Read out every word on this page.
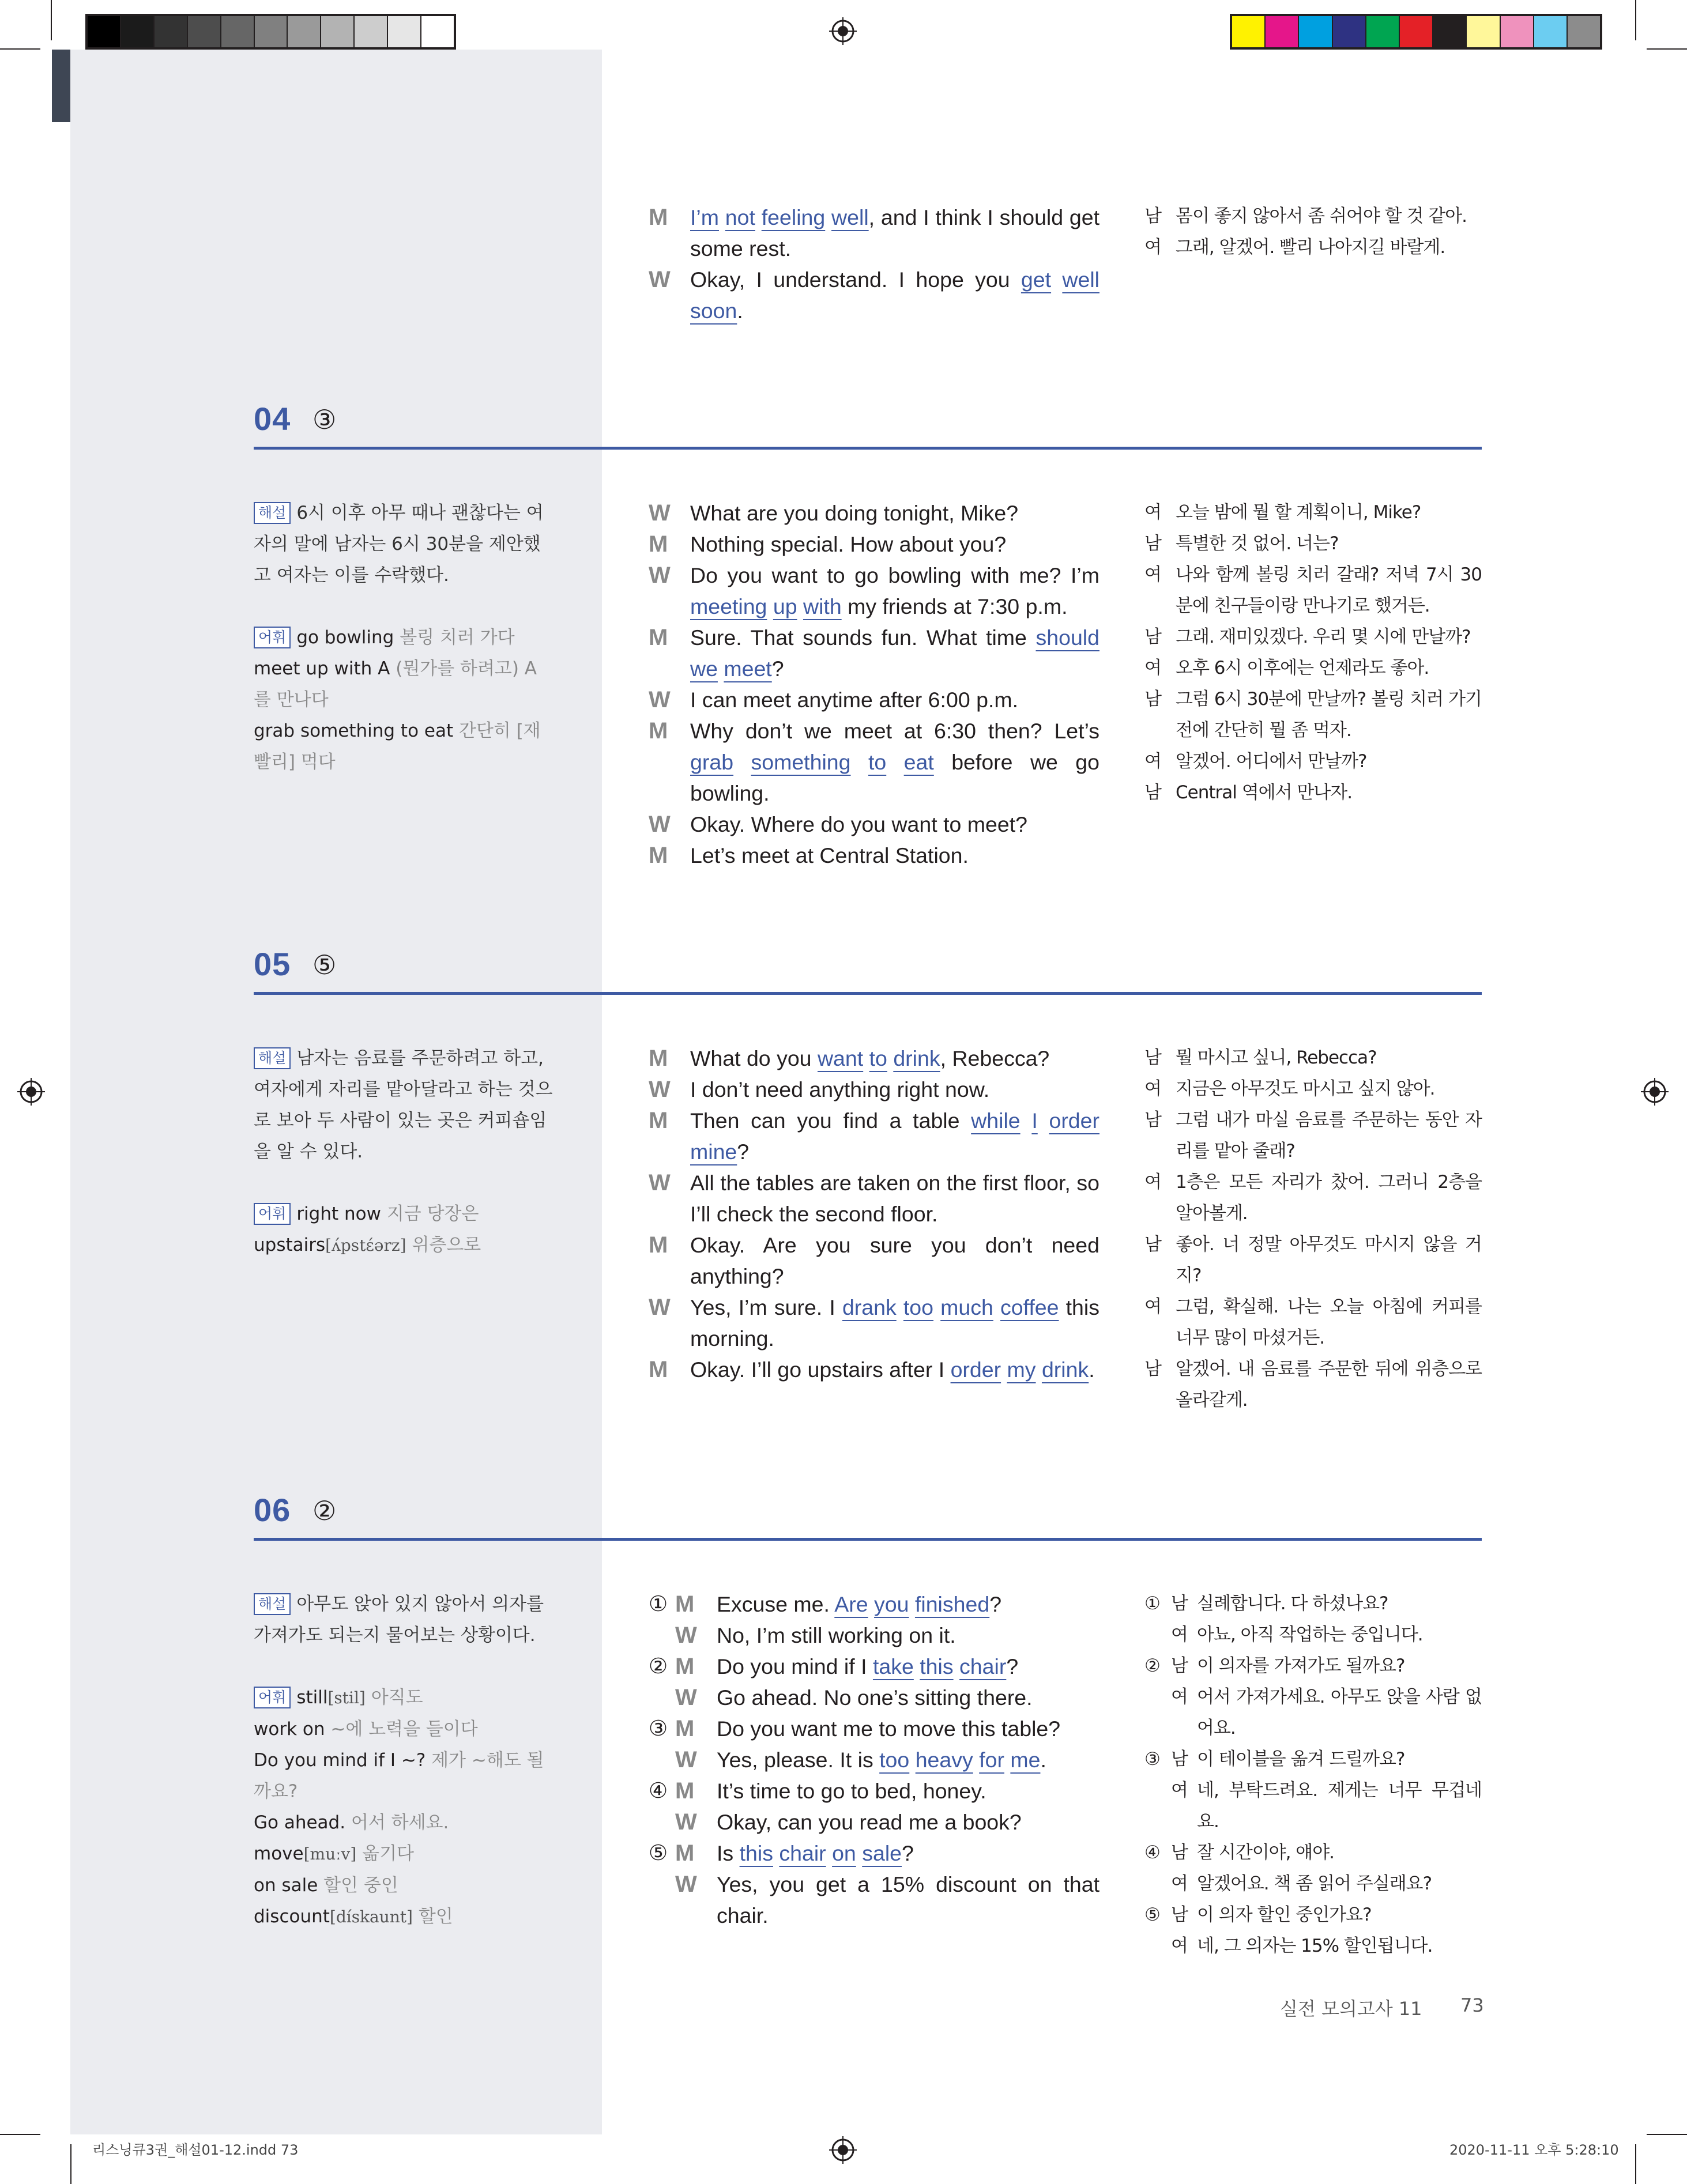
M	I’m not feeling well, and I think I should get some rest.
W Okay, I understand. I hope you get well soon.
남 몸이 좋지 않아서 좀 쉬어야 할 것 같아.
여 그래, 알겠어. 빨리 나아지길 바랄게.
04 ③
해설 6시 이후 아무 때나 괜찮다는 여자의 말에 남자는 6시 30분을 제안했고 여자는 이를 수락했다.
어휘 go bowling 볼링 치러 가다
meet up with A (뭔가를 하려고) A를 만나다
grab something to eat 간단히 [재빨리] 먹다
W What are you doing tonight, Mike?
M	Nothing special. How about you?
W Do you want to go bowling with me? I’m meeting up with my friends at 7:30 p.m.
M	Sure. That sounds fun. What time should we meet?
W I can meet anytime after 6:00 p.m.
M	Why don’t we meet at 6:30 then? Let’s grab something to eat before we go bowling.
W Okay. Where do you want to meet?
M	Let’s meet at Central Station.
여 오늘 밤에 뭘 할 계획이니, Mike?
남 특별한 것 없어. 너는?
여 나와 함께 볼링 치러 갈래? 저녁 7시 30분에 친구들이랑 만나기로 했거든.
남 그래. 재미있겠다. 우리 몇 시에 만날까?
여 오후 6시 이후에는 언제라도 좋아.
남 그럼 6시 30분에 만날까? 볼링 치러 가기 전에 간단히 뭘 좀 먹자.
여 알겠어. 어디에서 만날까?
남 Central 역에서 만나자.
05 ⑤
해설 남자는 음료를 주문하려고 하고, 여자에게 자리를 맡아달라고 하는 것으로 보아 두 사람이 있는 곳은 커피숍임을 알 수 있다.
어휘 right now 지금 당장은
upstairs[ʌ́pstɛ́ərz] 위층으로
M	What do you want to drink, Rebecca?
W I don’t need anything right now.
M	Then can you find a table while I order mine?
W All the tables are taken on the first floor, so I’ll check the second floor.
M	Okay. Are you sure you don’t need anything?
W Yes, I’m sure. I drank too much coffee this morning.
M	Okay. I’ll go upstairs after I order my drink.
남 뭘 마시고 싶니, Rebecca?
여 지금은 아무것도 마시고 싶지 않아.
남 그럼 내가 마실 음료를 주문하는 동안 자리를 맡아 줄래?
여 1층은 모든 자리가 찼어. 그러니 2층을 알아볼게.
남 좋아. 너 정말 아무것도 마시지 않을 거지?
여 그럼, 확실해. 나는 오늘 아침에 커피를 너무 많이 마셨거든.
남 알겠어. 내 음료를 주문한 뒤에 위층으로 올라갈게.
06 ②
해설 아무도 앉아 있지 않아서 의자를 가져가도 되는지 물어보는 상황이다.
어휘 still[stil] 아직도
work on ~에 노력을 들이다
Do you mind if I ~? 제가 ~해도 될까요?
Go ahead. 어서 하세요.
move[muːv] 옮기다
on sale 할인 중인
discount[dískaunt] 할인
① M	Excuse me. Are you finished?
W No, I’m still working on it.
② M	Do you mind if I take this chair?
W Go ahead. No one’s sitting there.
③ M	Do you want me to move this table?
W Yes, please. It is too heavy for me.
④ M	It’s time to go to bed, honey.
W Okay, can you read me a book?
⑤ M	Is this chair on sale?
W Yes, you get a 15% discount on that chair.
① 남 실례합니다. 다 하셨나요?
여 아뇨, 아직 작업하는 중입니다.
② 남 이 의자를 가져가도 될까요?
여 어서 가져가세요. 아무도 앉을 사람 없어요.
③ 남 이 테이블을 옮겨 드릴까요?
여 네, 부탁드려요. 제게는 너무 무겁네요.
④ 남 잘 시간이야, 얘야.
여 알겠어요. 책 좀 읽어 주실래요?
⑤ 남 이 의자 할인 중인가요?
여 네, 그 의자는 15% 할인됩니다.
실전 모의고사 11 73
리스닝큐3권_해설01-12.indd 73	2020-11-11 오후 5:28:10
